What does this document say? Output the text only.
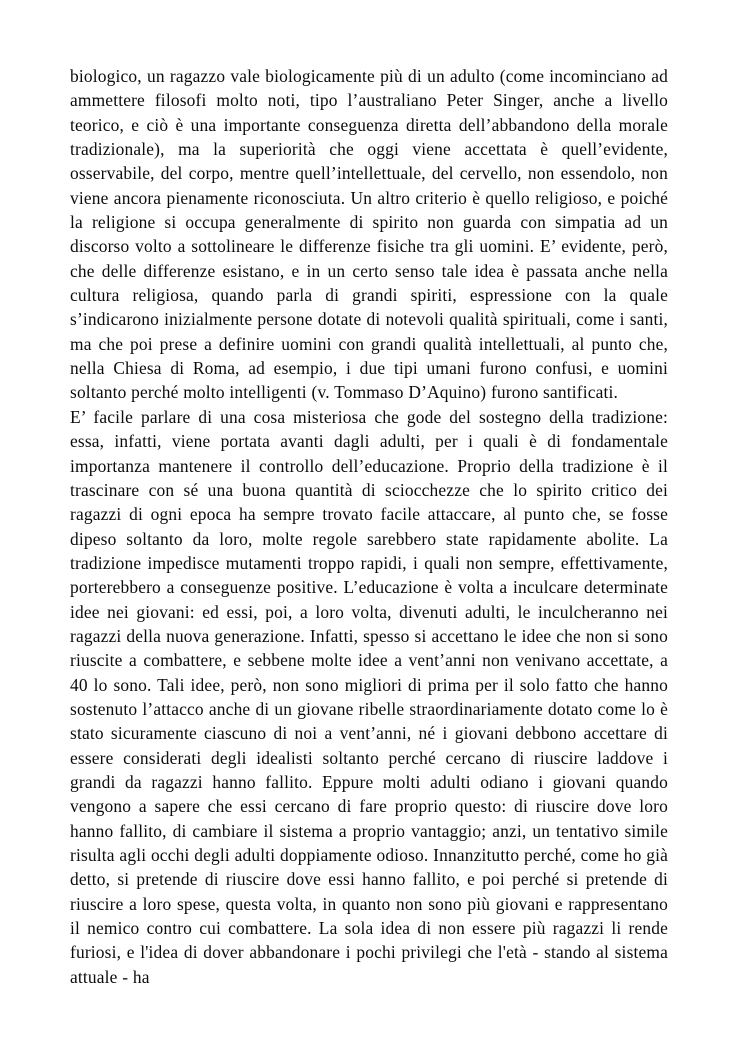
biologico, un ragazzo vale biologicamente più di un adulto (come incominciano ad ammettere filosofi molto noti, tipo l’australiano Peter Singer, anche a livello teorico, e ciò è una importante conseguenza diretta dell’abbandono della morale tradizionale), ma la superiorità che oggi viene accettata è quell’evidente, osservabile, del corpo, mentre quell’intellettuale, del cervello, non essendolo, non viene ancora pienamente riconosciuta. Un altro criterio è quello religioso, e poiché la religione si occupa generalmente di spirito non guarda con simpatia ad un discorso volto a sottolineare le differenze fisiche tra gli uomini. E’ evidente, però, che delle differenze esistano, e in un certo senso tale idea è passata anche nella cultura religiosa, quando parla di grandi spiriti, espressione con la quale s’indicarono inizialmente persone dotate di notevoli qualità spirituali, come i santi, ma che poi prese a definire uomini con grandi qualità intellettuali, al punto che, nella Chiesa di Roma, ad esempio, i due tipi umani furono confusi, e uomini soltanto perché molto intelligenti (v. Tommaso D’Aquino) furono santificati.

E’ facile parlare di una cosa misteriosa che gode del sostegno della tradizione: essa, infatti, viene portata avanti dagli adulti, per i quali è di fondamentale importanza mantenere il controllo dell’educazione. Proprio della tradizione è il trascinare con sé una buona quantità di sciocchezze che lo spirito critico dei ragazzi di ogni epoca ha sempre trovato facile attaccare, al punto che, se fosse dipeso soltanto da loro, molte regole sarebbero state rapidamente abolite. La tradizione impedisce mutamenti troppo rapidi, i quali non sempre, effettivamente, porterebbero a conseguenze positive. L’educazione è volta a inculcare determinate idee nei giovani: ed essi, poi, a loro volta, divenuti adulti, le inculcheranno nei ragazzi della nuova generazione. Infatti, spesso si accettano le idee che non si sono riuscite a combattere, e sebbene molte idee a vent’anni non venivano accettate, a 40 lo sono. Tali idee, però, non sono migliori di prima per il solo fatto che hanno sostenuto l’attacco anche di un giovane ribelle straordinariamente dotato come lo è stato sicuramente ciascuno di noi a vent’anni, né i giovani debbono accettare di essere considerati degli idealisti soltanto perché cercano di riuscire laddove i grandi da ragazzi hanno fallito. Eppure molti adulti odiano i giovani quando vengono a sapere che essi cercano di fare proprio questo: di riuscire dove loro hanno fallito, di cambiare il sistema a proprio vantaggio; anzi, un tentativo simile risulta agli occhi degli adulti doppiamente odioso. Innanzitutto perché, come ho già detto, si pretende di riuscire dove essi hanno fallito, e poi perché si pretende di riuscire a loro spese, questa volta, in quanto non sono più giovani e rappresentano il nemico contro cui combattere. La sola idea di non essere più ragazzi li rende furiosi, e l'idea di dover abbandonare i pochi privilegi che l'età - stando al sistema attuale - ha
